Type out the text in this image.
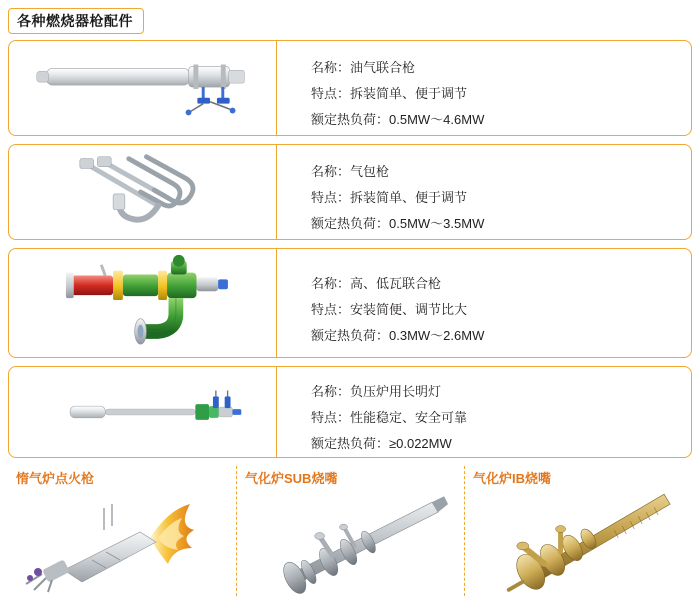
各种燃烧器枪配件
名称：油气联合枪
特点：拆装简单、便于调节
额定热负荷：0.5MW～4.6MW
名称：气包枪
特点：拆装简单、便于调节
额定热负荷：0.5MW～3.5MW
名称：高、低瓦联合枪
特点：安装简便、调节比大
额定热负荷：0.3MW～2.6MW
名称：负压炉用长明灯
特点：性能稳定、安全可靠
额定热负荷：≥0.022MW
惰气炉点火枪	气化炉SUB烧嘴	气化炉IB烧嘴
